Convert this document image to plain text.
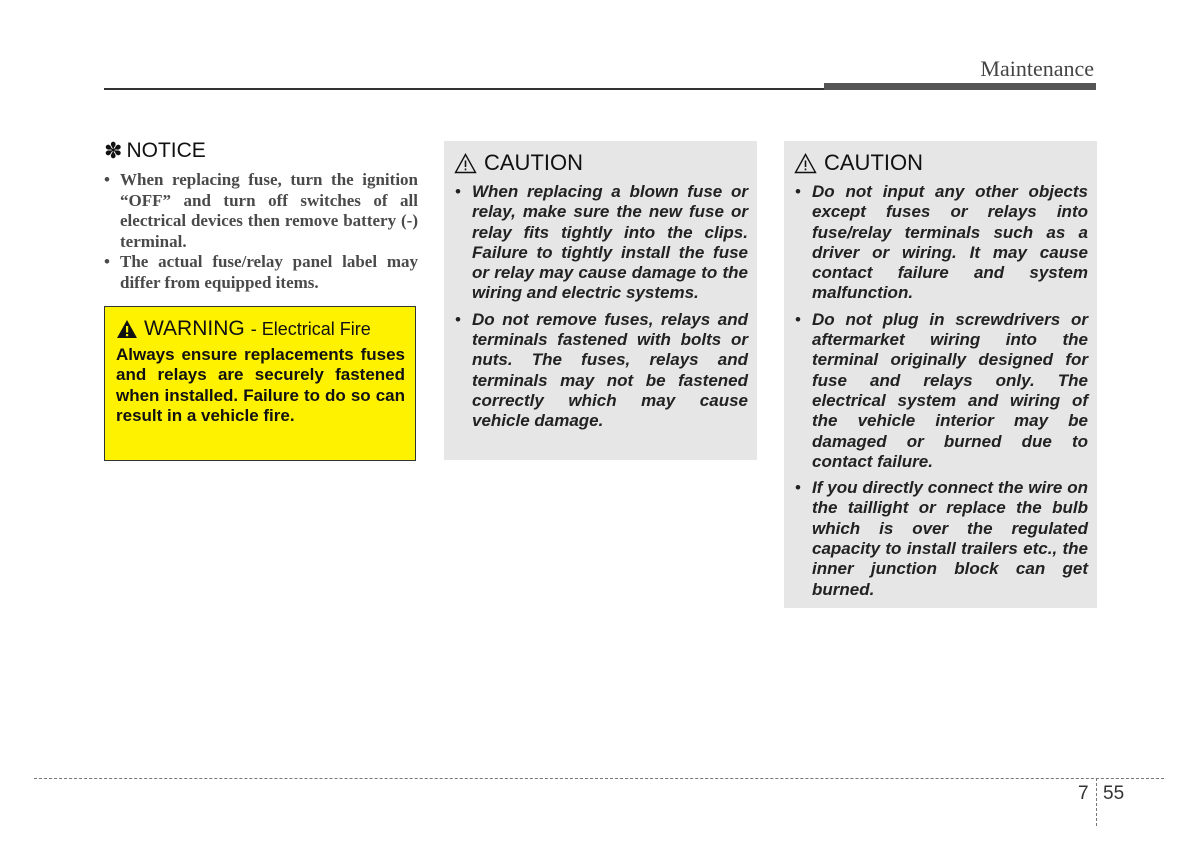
Maintenance
✽ NOTICE
• When replacing fuse, turn the ignition “OFF” and turn off switches of all electrical devices then remove battery (-) terminal.
• The actual fuse/relay panel label may differ from equipped items.
WARNING - Electrical Fire
Always ensure replacements fuses and relays are securely fastened when installed. Failure to do so can result in a vehicle fire.
CAUTION
• When replacing a blown fuse or relay, make sure the new fuse or relay fits tightly into the clips. Failure to tightly install the fuse or relay may cause damage to the wiring and electric systems.
• Do not remove fuses, relays and terminals fastened with bolts or nuts. The fuses, relays and terminals may not be fastened correctly which may cause vehicle damage.
CAUTION
• Do not input any other objects except fuses or relays into fuse/relay terminals such as a driver or wiring. It may cause contact failure and system malfunction.
• Do not plug in screwdrivers or aftermarket wiring into the terminal originally designed for fuse and relays only. The electrical system and wiring of the vehicle interior may be damaged or burned due to contact failure.
• If you directly connect the wire on the taillight or replace the bulb which is over the regulated capacity to install trailers etc., the inner junction block can get burned.
7 55
